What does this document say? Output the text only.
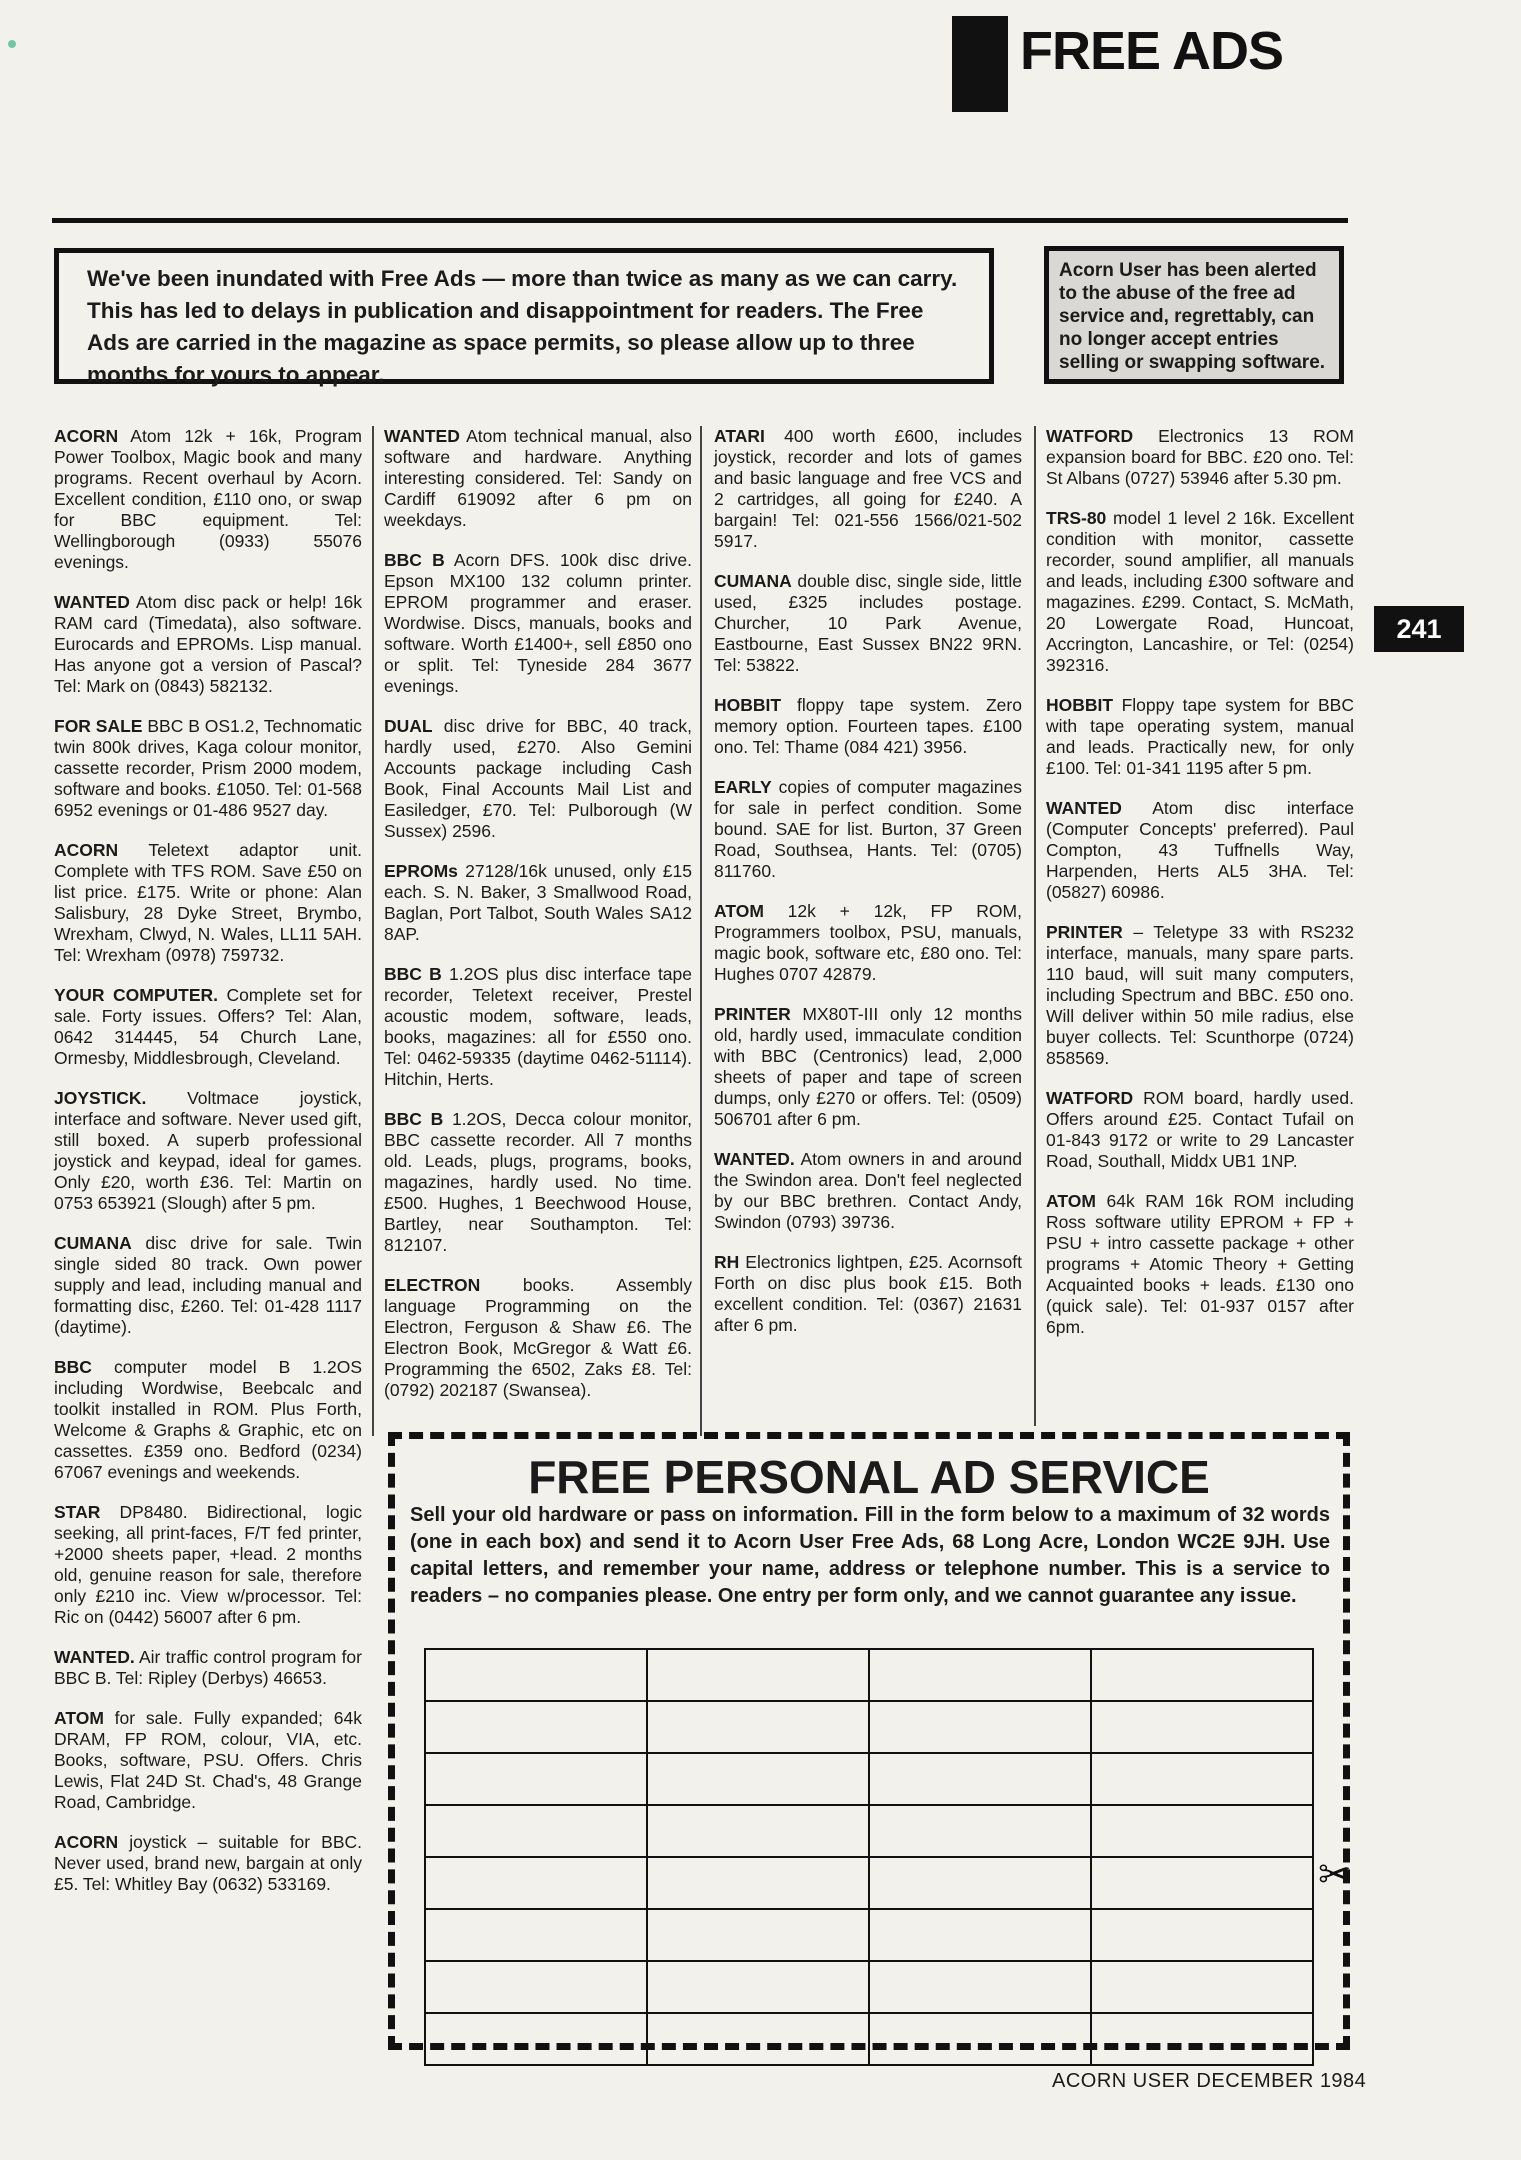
FREE ADS
We've been inundated with Free Ads — more than twice as many as we can carry. This has led to delays in publication and disappointment for readers. The Free Ads are carried in the magazine as space permits, so please allow up to three months for yours to appear.
Acorn User has been alerted to the abuse of the free ad service and, regrettably, can no longer accept entries selling or swapping software.
241

ACORN Atom 12k + 16k, Program Power Toolbox, Magic book and many programs. Recent overhaul by Acorn. Excellent condition, £110 ono, or swap for BBC equipment. Tel: Wellingborough (0933) 55076 evenings.

WANTED Atom disc pack or help! 16k RAM card (Timedata), also software. Eurocards and EPROMs. Lisp manual. Has anyone got a version of Pascal? Tel: Mark on (0843) 582132.

FOR SALE BBC B OS1.2, Technomatic twin 800k drives, Kaga colour monitor, cassette recorder, Prism 2000 modem, software and books. £1050. Tel: 01-568 6952 evenings or 01-486 9527 day.

ACORN Teletext adaptor unit. Complete with TFS ROM. Save £50 on list price. £175. Write or phone: Alan Salisbury, 28 Dyke Street, Brymbo, Wrexham, Clwyd, N. Wales, LL11 5AH. Tel: Wrexham (0978) 759732.

YOUR COMPUTER. Complete set for sale. Forty issues. Offers? Tel: Alan, 0642 314445, 54 Church Lane, Ormesby, Middlesbrough, Cleveland.

JOYSTICK. Voltmace joystick, interface and software. Never used gift, still boxed. A superb professional joystick and keypad, ideal for games. Only £20, worth £36. Tel: Martin on 0753 653921 (Slough) after 5 pm.

CUMANA disc drive for sale. Twin single sided 80 track. Own power supply and lead, including manual and formatting disc, £260. Tel: 01-428 1117 (daytime).

BBC computer model B 1.2OS including Wordwise, Beebcalc and toolkit installed in ROM. Plus Forth, Welcome & Graphs & Graphic, etc on cassettes. £359 ono. Bedford (0234) 67067 evenings and weekends.

STAR DP8480. Bidirectional, logic seeking, all print-faces, F/T fed printer, +2000 sheets paper, +lead. 2 months old, genuine reason for sale, therefore only £210 inc. View w/processor. Tel: Ric on (0442) 56007 after 6 pm.

WANTED. Air traffic control program for BBC B. Tel: Ripley (Derbys) 46653.

ATOM for sale. Fully expanded; 64k DRAM, FP ROM, colour, VIA, etc. Books, software, PSU. Offers. Chris Lewis, Flat 24D St. Chad's, 48 Grange Road, Cambridge.

ACORN joystick – suitable for BBC. Never used, brand new, bargain at only £5. Tel: Whitley Bay (0632) 533169.

WANTED Atom technical manual, also software and hardware. Anything interesting considered. Tel: Sandy on Cardiff 619092 after 6 pm on weekdays.

BBC B Acorn DFS. 100k disc drive. Epson MX100 132 column printer. EPROM programmer and eraser. Wordwise. Discs, manuals, books and software. Worth £1400+, sell £850 ono or split. Tel: Tyneside 284 3677 evenings.

DUAL disc drive for BBC, 40 track, hardly used, £270. Also Gemini Accounts package including Cash Book, Final Accounts Mail List and Easiledger, £70. Tel: Pulborough (W Sussex) 2596.

EPROMs 27128/16k unused, only £15 each. S. N. Baker, 3 Smallwood Road, Baglan, Port Talbot, South Wales SA12 8AP.

BBC B 1.2OS plus disc interface tape recorder, Teletext receiver, Prestel acoustic modem, software, leads, books, magazines: all for £550 ono. Tel: 0462-59335 (daytime 0462-51114). Hitchin, Herts.

BBC B 1.2OS, Decca colour monitor, BBC cassette recorder. All 7 months old. Leads, plugs, programs, books, magazines, hardly used. No time. £500. Hughes, 1 Beechwood House, Bartley, near Southampton. Tel: 812107.

ELECTRON books. Assembly language Programming on the Electron, Ferguson & Shaw £6. The Electron Book, McGregor & Watt £6. Programming the 6502, Zaks £8. Tel: (0792) 202187 (Swansea).

ATARI 400 worth £600, includes joystick, recorder and lots of games and basic language and free VCS and 2 cartridges, all going for £240. A bargain! Tel: 021-556 1566/021-502 5917.

CUMANA double disc, single side, little used, £325 includes postage. Churcher, 10 Park Avenue, Eastbourne, East Sussex BN22 9RN. Tel: 53822.

HOBBIT floppy tape system. Zero memory option. Fourteen tapes. £100 ono. Tel: Thame (084 421) 3956.

EARLY copies of computer magazines for sale in perfect condition. Some bound. SAE for list. Burton, 37 Green Road, Southsea, Hants. Tel: (0705) 811760.

ATOM 12k + 12k, FP ROM, Programmers toolbox, PSU, manuals, magic book, software etc, £80 ono. Tel: Hughes 0707 42879.

PRINTER MX80T-III only 12 months old, hardly used, immaculate condition with BBC (Centronics) lead, 2,000 sheets of paper and tape of screen dumps, only £270 or offers. Tel: (0509) 506701 after 6 pm.

WANTED. Atom owners in and around the Swindon area. Don't feel neglected by our BBC brethren. Contact Andy, Swindon (0793) 39736.

RH Electronics lightpen, £25. Acornsoft Forth on disc plus book £15. Both excellent condition. Tel: (0367) 21631 after 6 pm.

WATFORD Electronics 13 ROM expansion board for BBC. £20 ono. Tel: St Albans (0727) 53946 after 5.30 pm.

TRS-80 model 1 level 2 16k. Excellent condition with monitor, cassette recorder, sound amplifier, all manuals and leads, including £300 software and magazines. £299. Contact, S. McMath, 20 Lowergate Road, Huncoat, Accrington, Lancashire, or Tel: (0254) 392316.

HOBBIT Floppy tape system for BBC with tape operating system, manual and leads. Practically new, for only £100. Tel: 01-341 1195 after 5 pm.

WANTED Atom disc interface (Computer Concepts' preferred). Paul Compton, 43 Tuffnells Way, Harpenden, Herts AL5 3HA. Tel: (05827) 60986.

PRINTER – Teletype 33 with RS232 interface, manuals, many spare parts. 110 baud, will suit many computers, including Spectrum and BBC. £50 ono. Will deliver within 50 mile radius, else buyer collects. Tel: Scunthorpe (0724) 858569.

WATFORD ROM board, hardly used. Offers around £25. Contact Tufail on 01-843 9172 or write to 29 Lancaster Road, Southall, Middx UB1 1NP.

ATOM 64k RAM 16k ROM including Ross software utility EPROM + FP + PSU + intro cassette package + other programs + Atomic Theory + Getting Acquainted books + leads. £130 ono (quick sale). Tel: 01-937 0157 after 6pm.

FREE PERSONAL AD SERVICE
Sell your old hardware or pass on information. Fill in the form below to a maximum of 32 words (one in each box) and send it to Acorn User Free Ads, 68 Long Acre, London WC2E 9JH. Use capital letters, and remember your name, address or telephone number. This is a service to readers – no companies please. One entry per form only, and we cannot guarantee any issue.

✂
ACORN USER DECEMBER 1984
